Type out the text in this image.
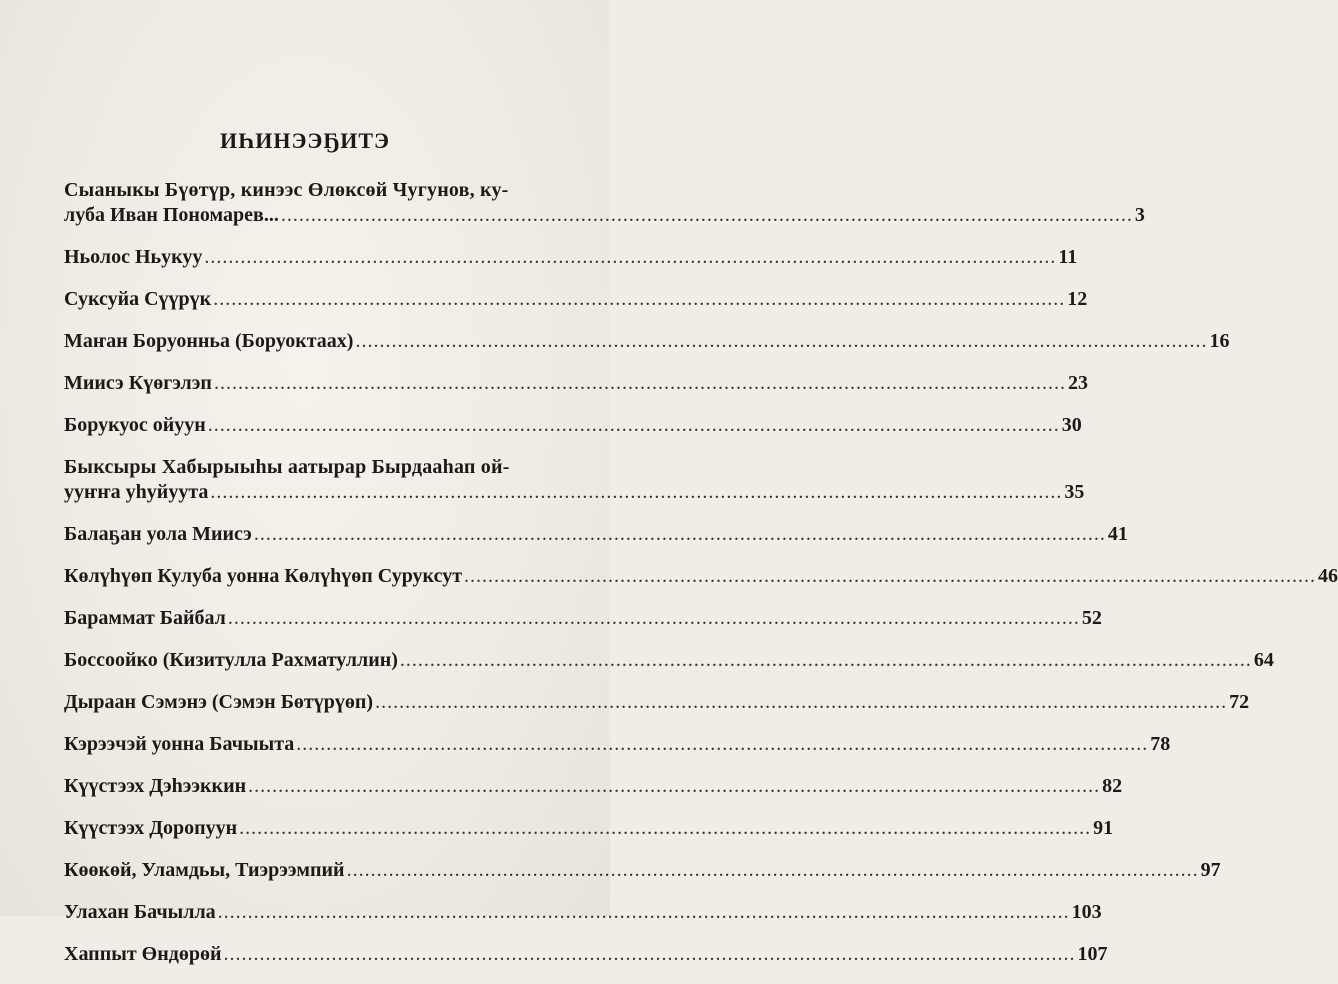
ИҺИНЭЭҔИТЭ
Сыаныкы Бүөтүр, кинээс Өлөксөй Чугунов, ку-
луба Иван Пономарев... .....	3
Ньолос Ньукуу .....	11
Суксуйа Сүүрүк .....	12
Маҥан Боруонньа (Боруоктаах) .....	16
Миисэ Күөгэлэп .....	23
Борукуос ойуун .....	30
Быксыры Хабырыыһы аатырар Бырдааһап ой-
ууҥҥа уһуйуута .....	35
Балаҕан уола Миисэ .....	41
Көлүһүөп Кулуба уонна Көлүһүөп Суруксут .....	46
Бараммат Байбал .....	52
Боссоойко (Кизитулла Рахматуллин) .....	64
Дыраан Сэмэнэ (Сэмэн Бөтүрүөп) .....	72
Кэрээчэй уонна Бачыыта .....	78
Күүстээх Дэһээккин .....	82
Күүстээх Доропуун .....	91
Көөкөй, Уламдьы, Тиэрээмпий .....	97
Улахан Бачылла .....	103
Хаппыт Өндөрөй .....	107
